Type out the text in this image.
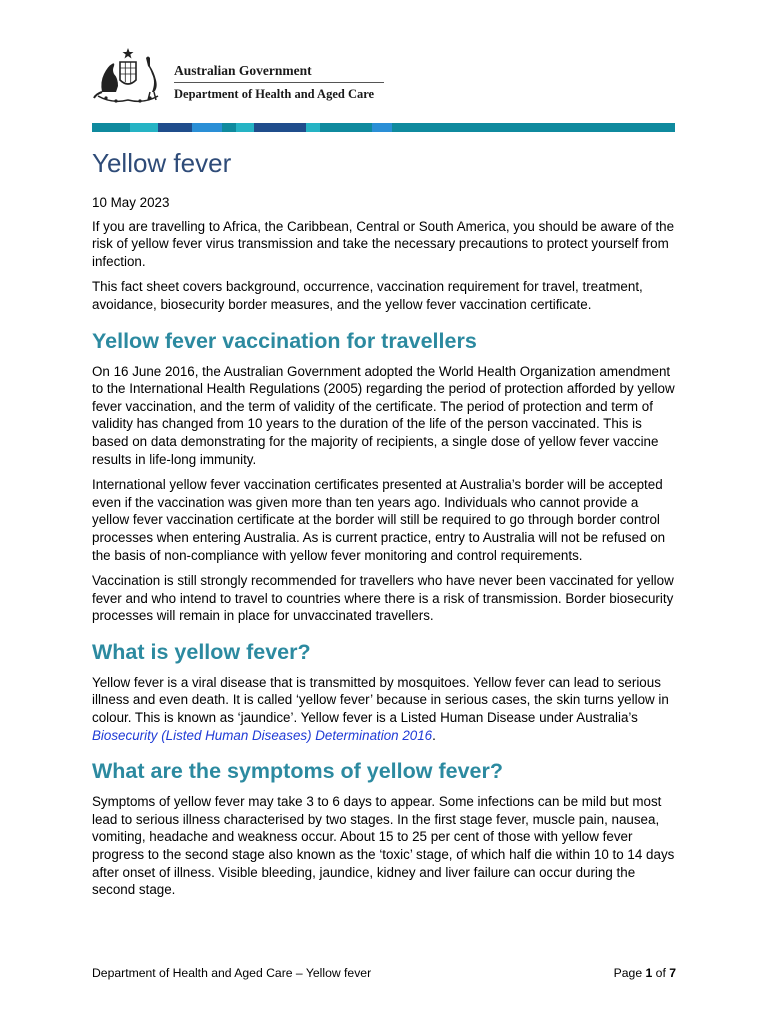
Australian Government
Department of Health and Aged Care
Yellow fever

10 May 2023

If you are travelling to Africa, the Caribbean, Central or South America, you should be aware of the risk of yellow fever virus transmission and take the necessary precautions to protect yourself from infection.

This fact sheet covers background, occurrence, vaccination requirement for travel, treatment, avoidance, biosecurity border measures, and the yellow fever vaccination certificate.

Yellow fever vaccination for travellers

On 16 June 2016, the Australian Government adopted the World Health Organization amendment to the International Health Regulations (2005) regarding the period of protection afforded by yellow fever vaccination, and the term of validity of the certificate. The period of protection and term of validity has changed from 10 years to the duration of the life of the person vaccinated. This is based on data demonstrating for the majority of recipients, a single dose of yellow fever vaccine results in life-long immunity.

International yellow fever vaccination certificates presented at Australia’s border will be accepted even if the vaccination was given more than ten years ago. Individuals who cannot provide a yellow fever vaccination certificate at the border will still be required to go through border control processes when entering Australia. As is current practice, entry to Australia will not be refused on the basis of non-compliance with yellow fever monitoring and control requirements.

Vaccination is still strongly recommended for travellers who have never been vaccinated for yellow fever and who intend to travel to countries where there is a risk of transmission. Border biosecurity processes will remain in place for unvaccinated travellers.

What is yellow fever?

Yellow fever is a viral disease that is transmitted by mosquitoes. Yellow fever can lead to serious illness and even death. It is called ‘yellow fever’ because in serious cases, the skin turns yellow in colour. This is known as ‘jaundice’. Yellow fever is a Listed Human Disease under Australia’s Biosecurity (Listed Human Diseases) Determination 2016.

What are the symptoms of yellow fever?

Symptoms of yellow fever may take 3 to 6 days to appear. Some infections can be mild but most lead to serious illness characterised by two stages. In the first stage fever, muscle pain, nausea, vomiting, headache and weakness occur. About 15 to 25 per cent of those with yellow fever progress to the second stage also known as the ‘toxic’ stage, of which half die within 10 to 14 days after onset of illness. Visible bleeding, jaundice, kidney and liver failure can occur during the second stage.

Department of Health and Aged Care – Yellow fever	Page 1 of 7
